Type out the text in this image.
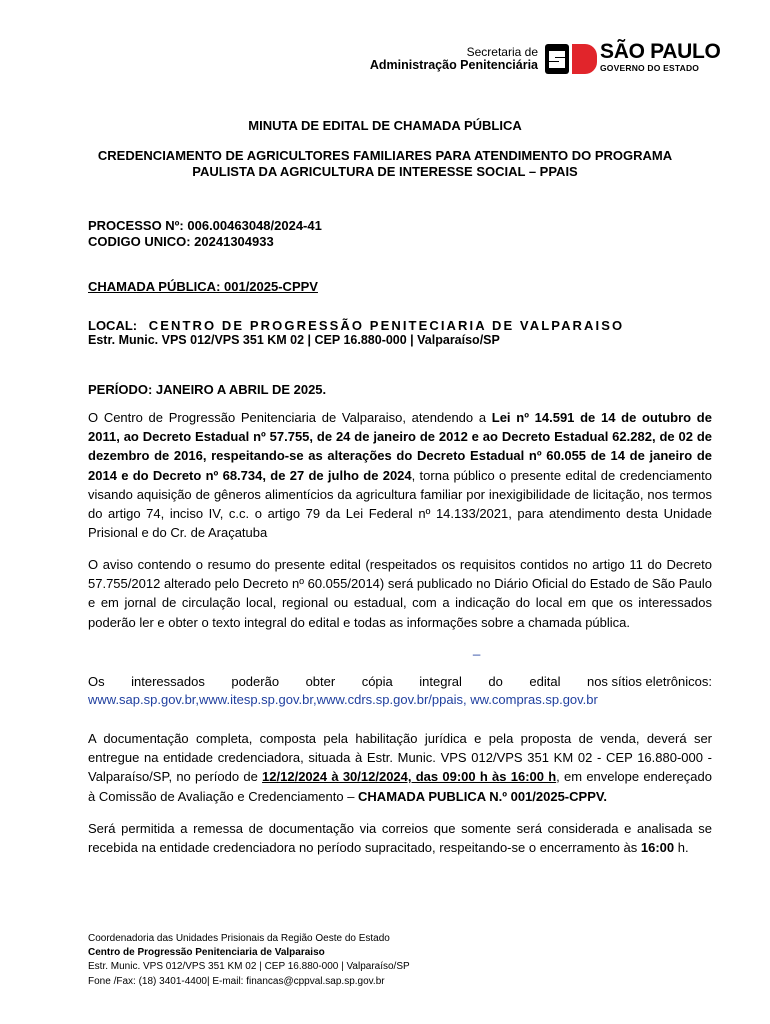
Secretaria de
Administração Penitenciária
SÃO PAULO
GOVERNO DO ESTADO
MINUTA DE EDITAL DE CHAMADA PÚBLICA
CREDENCIAMENTO DE AGRICULTORES FAMILIARES PARA ATENDIMENTO DO PROGRAMA
PAULISTA DA AGRICULTURA DE INTERESSE SOCIAL – PPAIS
PROCESSO Nº: 006.00463048/2024-41
CODIGO UNICO: 20241304933
CHAMADA PÚBLICA: 001/2025-CPPV
LOCAL: CENTRO DE PROGRESSÃO PENITECIARIA DE VALPARAISO
Estr. Munic. VPS 012/VPS 351 KM 02 | CEP 16.880-000 | Valparaíso/SP
PERÍODO: JANEIRO A ABRIL DE 2025.
O Centro de Progressão Penitenciaria de Valparaiso, atendendo a Lei nº 14.591 de 14 de outubro de 2011, ao Decreto Estadual nº 57.755, de 24 de janeiro de 2012 e ao Decreto Estadual 62.282, de 02 de dezembro de 2016, respeitando-se as alterações do Decreto Estadual nº 60.055 de 14 de janeiro de 2014 e do Decreto nº 68.734, de 27 de julho de 2024, torna público o presente edital de credenciamento visando aquisição de gêneros alimentícios da agricultura familiar por inexigibilidade de licitação, nos termos do artigo 74, inciso IV, c.c. o artigo 79 da Lei Federal nº 14.133/2021, para atendimento desta Unidade Prisional e do Cr. de Araçatuba
O aviso contendo o resumo do presente edital (respeitados os requisitos contidos no artigo 11 do Decreto 57.755/2012 alterado pelo Decreto nº 60.055/2014) será publicado no Diário Oficial do Estado de São Paulo e em jornal de circulação local, regional ou estadual, com a indicação do local em que os interessados poderão ler e obter o texto integral do edital e todas as informações sobre a chamada pública.
_
Os interessados poderão obter cópia integral do edital nos sítios eletrônicos:
www.sap.sp.gov.br,www.itesp.sp.gov.br,www.cdrs.sp.gov.br/ppais, ww.compras.sp.gov.br
A documentação completa, composta pela habilitação jurídica e pela proposta de venda, deverá ser entregue na entidade credenciadora, situada à Estr. Munic. VPS 012/VPS 351 KM 02 - CEP 16.880-000 - Valparaíso/SP, no período de 12/12/2024 à 30/12/2024, das 09:00 h às 16:00 h, em envelope endereçado à Comissão de Avaliação e Credenciamento – CHAMADA PUBLICA N.º 001/2025-CPPV.
Será permitida a remessa de documentação via correios que somente será considerada e analisada se recebida na entidade credenciadora no período supracitado, respeitando-se o encerramento às 16:00 h.
Coordenadoria das Unidades Prisionais da Região Oeste do Estado
Centro de Progressão Penitenciaria de Valparaiso
Estr. Munic. VPS 012/VPS 351 KM 02 | CEP 16.880-000 | Valparaíso/SP
Fone /Fax: (18) 3401-4400| E-mail: financas@cppval.sap.sp.gov.br
